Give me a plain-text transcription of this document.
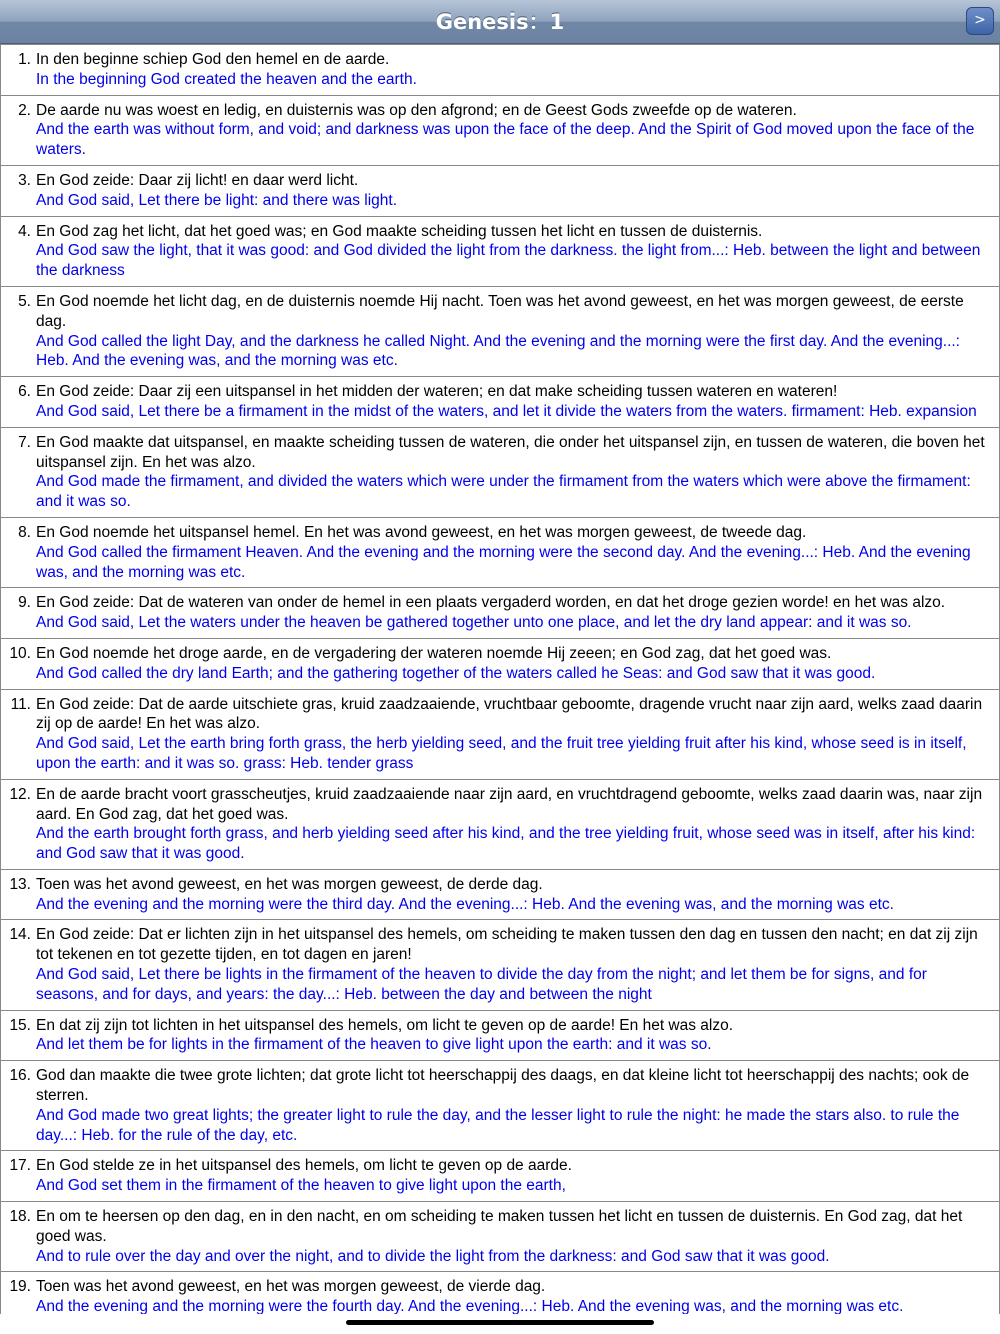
Genesis：1	>
1. In den beginne schiep God den hemel en de aarde.
In the beginning God created the heaven and the earth.
2. De aarde nu was woest en ledig, en duisternis was op den afgrond; en de Geest Gods zweefde op de wateren.
And the earth was without form, and void; and darkness was upon the face of the deep. And the Spirit of God moved upon the face of the waters.
3. En God zeide: Daar zij licht! en daar werd licht.
And God said, Let there be light: and there was light.
4. En God zag het licht, dat het goed was; en God maakte scheiding tussen het licht en tussen de duisternis.
And God saw the light, that it was good: and God divided the light from the darkness. the light from...: Heb. between the light and between the darkness
5. En God noemde het licht dag, en de duisternis noemde Hij nacht. Toen was het avond geweest, en het was morgen geweest, de eerste dag.
And God called the light Day, and the darkness he called Night. And the evening and the morning were the first day. And the evening...: Heb. And the evening was, and the morning was etc.
6. En God zeide: Daar zij een uitspansel in het midden der wateren; en dat make scheiding tussen wateren en wateren!
And God said, Let there be a firmament in the midst of the waters, and let it divide the waters from the waters. firmament: Heb. expansion
7. En God maakte dat uitspansel, en maakte scheiding tussen de wateren, die onder het uitspansel zijn, en tussen de wateren, die boven het uitspansel zijn. En het was alzo.
And God made the firmament, and divided the waters which were under the firmament from the waters which were above the firmament: and it was so.
8. En God noemde het uitspansel hemel. En het was avond geweest, en het was morgen geweest, de tweede dag.
And God called the firmament Heaven. And the evening and the morning were the second day. And the evening...: Heb. And the evening was, and the morning was etc.
9. En God zeide: Dat de wateren van onder de hemel in een plaats vergaderd worden, en dat het droge gezien worde! en het was alzo.
And God said, Let the waters under the heaven be gathered together unto one place, and let the dry land appear: and it was so.
10. En God noemde het droge aarde, en de vergadering der wateren noemde Hij zeeen; en God zag, dat het goed was.
And God called the dry land Earth; and the gathering together of the waters called he Seas: and God saw that it was good.
11. En God zeide: Dat de aarde uitschiete gras, kruid zaadzaaiende, vruchtbaar geboomte, dragende vrucht naar zijn aard, welks zaad daarin zij op de aarde! En het was alzo.
And God said, Let the earth bring forth grass, the herb yielding seed, and the fruit tree yielding fruit after his kind, whose seed is in itself, upon the earth: and it was so. grass: Heb. tender grass
12. En de aarde bracht voort grasscheutjes, kruid zaadzaaiende naar zijn aard, en vruchtdragend geboomte, welks zaad daarin was, naar zijn aard. En God zag, dat het goed was.
And the earth brought forth grass, and herb yielding seed after his kind, and the tree yielding fruit, whose seed was in itself, after his kind: and God saw that it was good.
13. Toen was het avond geweest, en het was morgen geweest, de derde dag.
And the evening and the morning were the third day. And the evening...: Heb. And the evening was, and the morning was etc.
14. En God zeide: Dat er lichten zijn in het uitspansel des hemels, om scheiding te maken tussen den dag en tussen den nacht; en dat zij zijn tot tekenen en tot gezette tijden, en tot dagen en jaren!
And God said, Let there be lights in the firmament of the heaven to divide the day from the night; and let them be for signs, and for seasons, and for days, and years: the day...: Heb. between the day and between the night
15. En dat zij zijn tot lichten in het uitspansel des hemels, om licht te geven op de aarde! En het was alzo.
And let them be for lights in the firmament of the heaven to give light upon the earth: and it was so.
16. God dan maakte die twee grote lichten; dat grote licht tot heerschappij des daags, en dat kleine licht tot heerschappij des nachts; ook de sterren.
And God made two great lights; the greater light to rule the day, and the lesser light to rule the night: he made the stars also. to rule the day...: Heb. for the rule of the day, etc.
17. En God stelde ze in het uitspansel des hemels, om licht te geven op de aarde.
And God set them in the firmament of the heaven to give light upon the earth,
18. En om te heersen op den dag, en in den nacht, en om scheiding te maken tussen het licht en tussen de duisternis. En God zag, dat het goed was.
And to rule over the day and over the night, and to divide the light from the darkness: and God saw that it was good.
19. Toen was het avond geweest, en het was morgen geweest, de vierde dag.
And the evening and the morning were the fourth day. And the evening...: Heb. And the evening was, and the morning was etc.
